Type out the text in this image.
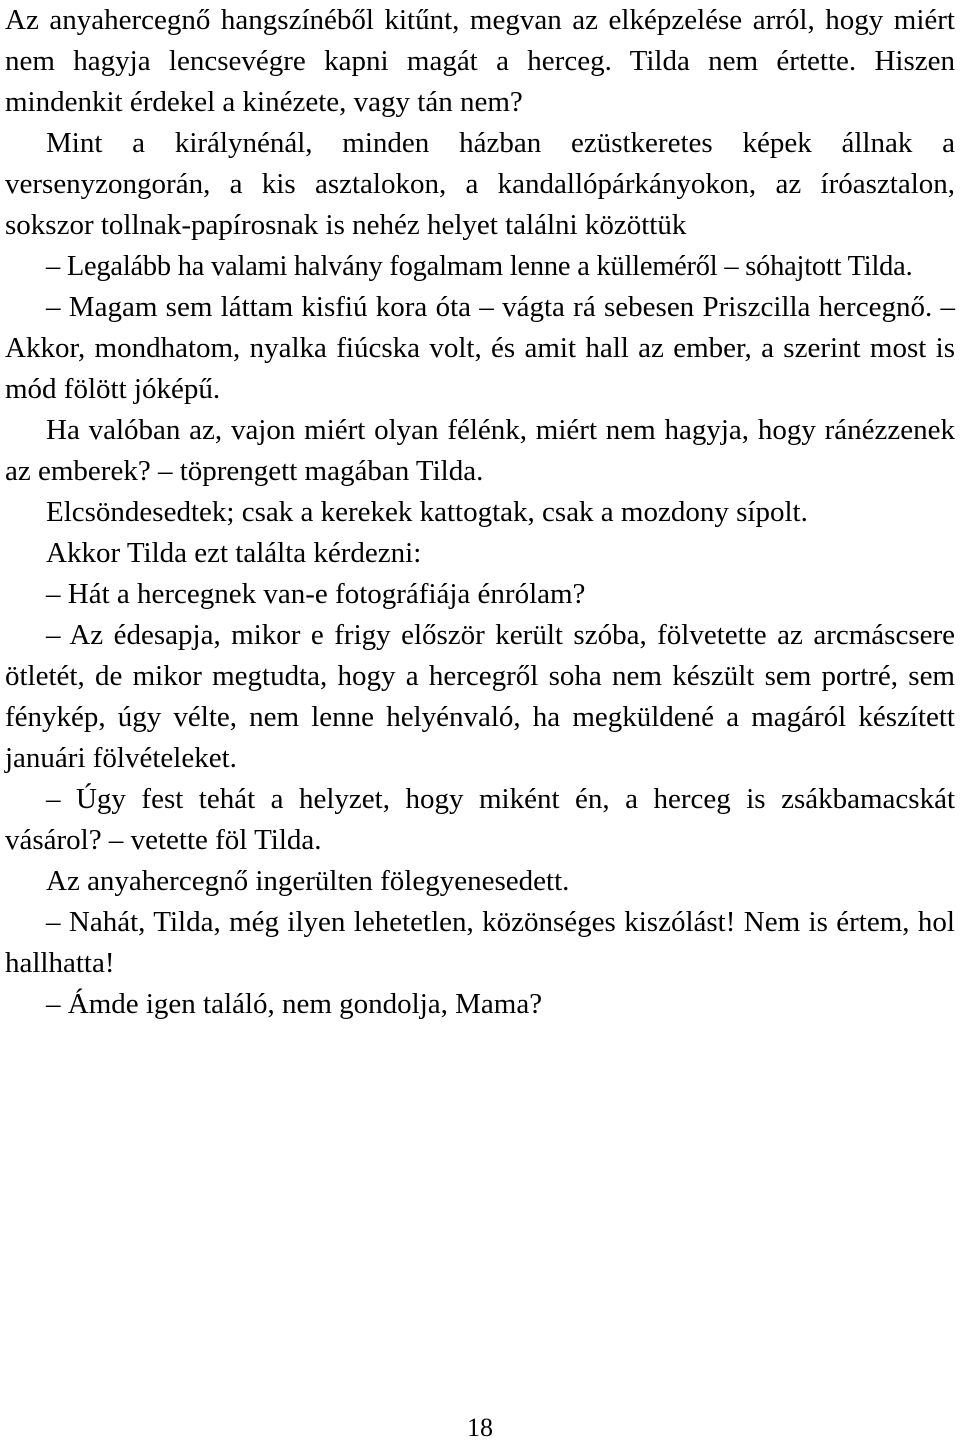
Az anyahercegnő hangszínéből kitűnt, megvan az elképzelése arról, hogy miért nem hagyja lencsevégre kapni magát a herceg. Tilda nem értette. Hiszen mindenkit érdekel a kinézete, vagy tán nem?

Mint a királynénál, minden házban ezüstkeretes képek állnak a versenyzongorán, a kis asztalokon, a kandallópárkányokon, az íróasztalon, sokszor tollnak-papírosnak is nehéz helyet találni közöttük

– Legalább ha valami halvány fogalmam lenne a külleméről – sóhajtott Tilda.

– Magam sem láttam kisfiú kora óta – vágta rá sebesen Priszcilla hercegnő. – Akkor, mondhatom, nyalka fiúcska volt, és amit hall az ember, a szerint most is mód fölött jóképű.

Ha valóban az, vajon miért olyan félénk, miért nem hagyja, hogy ránézzenek az emberek? – töprengett magában Tilda.

Elcsöndesedtek; csak a kerekek kattogtak, csak a mozdony sípolt.

Akkor Tilda ezt találta kérdezni:

– Hát a hercegnek van-e fotográfiája énrólam?

– Az édesapja, mikor e frigy először került szóba, fölvetette az arcmáscsere ötletét, de mikor megtudta, hogy a hercegről soha nem készült sem portré, sem fénykép, úgy vélte, nem lenne helyénvaló, ha megküldené a magáról készített januári fölvételeket.

– Úgy fest tehát a helyzet, hogy miként én, a herceg is zsákbamacskát vásárol? – vetette föl Tilda.

Az anyahercegnő ingerülten fölegyenesedett.

– Nahát, Tilda, még ilyen lehetetlen, közönséges kiszólást! Nem is értem, hol hallhatta!

– Ámde igen találó, nem gondolja, Mama?

18
